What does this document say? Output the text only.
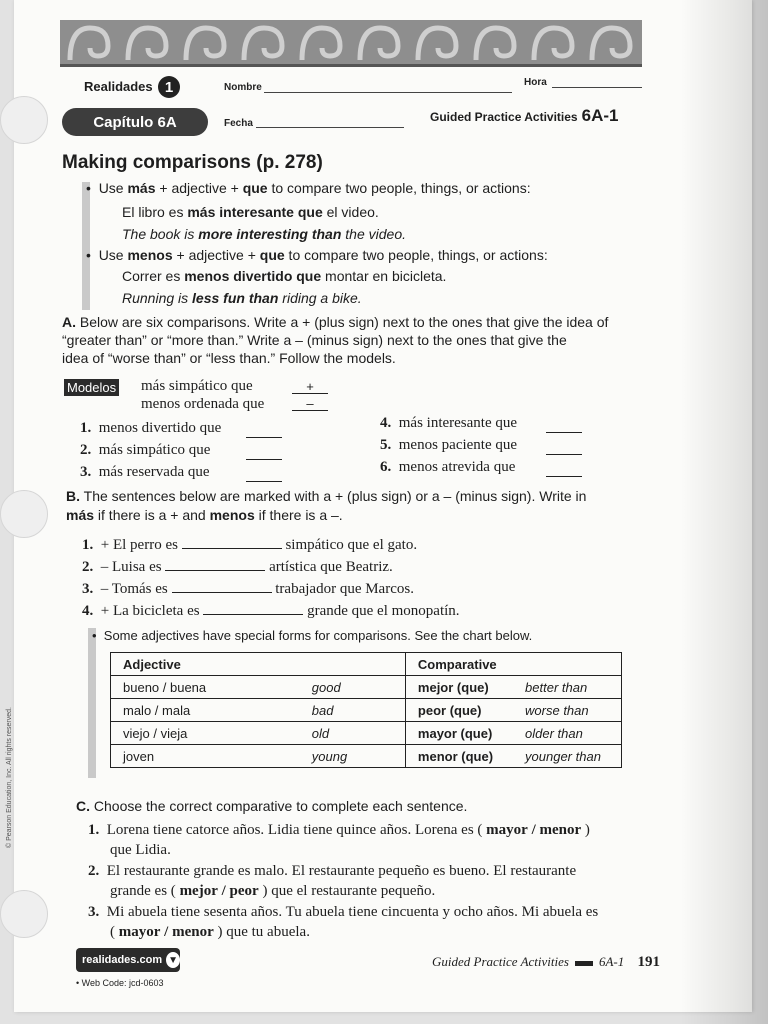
Realidades 1
Capítulo 6A
Nombre	Hora
Fecha	Guided Practice Activities 6A-1
Making comparisons (p. 278)
•  Use más + adjective + que to compare two people, things, or actions:
El libro es más interesante que el video.
The book is more interesting than the video.
•  Use menos + adjective + que to compare two people, things, or actions:
Correr es menos divertido que montar en bicicleta.
Running is less fun than riding a bike.
A. Below are six comparisons. Write a + (plus sign) next to the ones that give the idea of
“greater than” or “more than.” Write a – (minus sign) next to the ones that give the
idea of “worse than” or “less than.” Follow the models.
Modelos más simpático que	+
menos ordenada que	–
1. menos divertido que
2. más simpático que
3. más reservada que
4. más interesante que
5. menos paciente que
6. menos atrevida que
B. The sentences below are marked with a + (plus sign) or a – (minus sign). Write in
más if there is a + and menos if there is a –.
1. + El perro es	simpático que el gato.
2. – Luisa es	artística que Beatriz.
3. – Tomás es	trabajador que Marcos.
4. + La bicicleta es	grande que el monopatín.
•  Some adjectives have special forms for comparisons. See the chart below.
Adjective		Comparative	
bueno / buena	good	mejor (que)	better than
malo / mala	bad	peor (que)	worse than
viejo / vieja	old	mayor (que)	older than
joven	young	menor (que)	younger than
C. Choose the correct comparative to complete each sentence.
1. Lorena tiene catorce años. Lidia tiene quince años. Lorena es ( mayor / menor )
que Lidia.
2. El restaurante grande es malo. El restaurante pequeño es bueno. El restaurante
grande es ( mejor / peor ) que el restaurante pequeño.
3. Mi abuela tiene sesenta años. Tu abuela tiene cincuenta y ocho años. Mi abuela es
( mayor / menor ) que tu abuela.
realidades.com ▼
• Web Code: jcd-0603
Guided Practice Activities 6A-1 191
© Pearson Education, Inc. All rights reserved.
